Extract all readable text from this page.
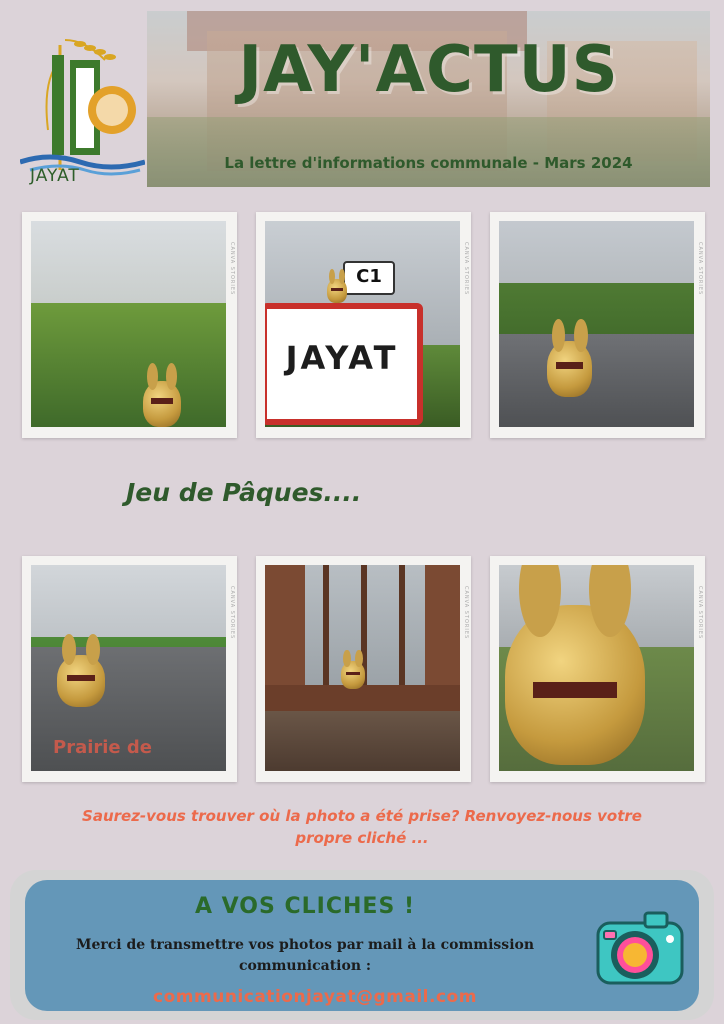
JAYAT
JAY'ACTUS
La lettre d'informations communale - Mars 2024
CANVA STORIES	C1
JAYAT
CANVA STORIES	CANVA STORIES
Jeu de Pâques....
Prairie de
CANVA STORIES	CANVA STORIES	CANVA STORIES
Saurez-vous trouver où la photo a été prise? Renvoyez-nous votre
propre cliché ...
A VOS CLICHES !
Merci de transmettre vos photos par mail à la commission
communication :
communicationjayat@gmail.com
